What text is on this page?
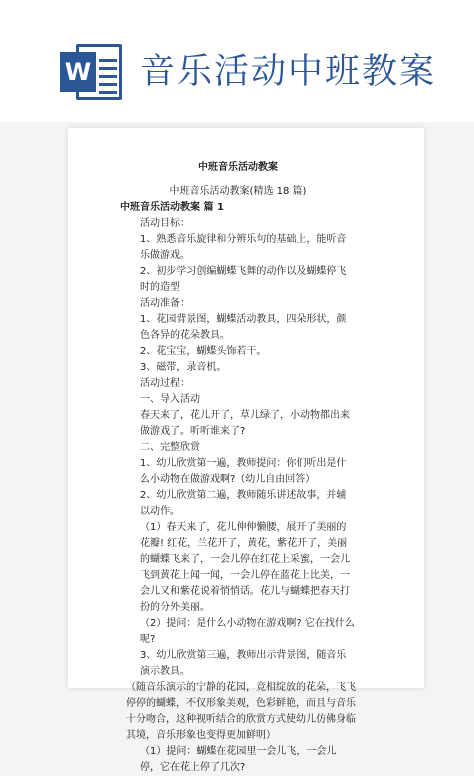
W 音乐活动中班教案

中班音乐活动教案

中班音乐活动教案(精选 18 篇)

中班音乐活动教案 篇 1

活动目标：

1、熟悉音乐旋律和分辨乐句的基础上，能听音乐做游戏。

2、初步学习创编蝴蝶飞舞的动作以及蝴蝶停飞时的造型

活动准备：

1、花园背景图，蝴蝶活动教具，四朵形状，颜色各异的花朵教具。

2、花宝宝，蝴蝶头饰若干。

3、磁带，录音机。

活动过程：

一、导入活动

春天来了，花儿开了，草儿绿了，小动物都出来做游戏了。听听谁来了?

二、完整欣赏

1、幼儿欣赏第一遍，教师提问：你们听出是什么小动物在做游戏啊?（幼儿自由回答）

2、幼儿欣赏第二遍，教师随乐讲述故事，并辅以动作。

（1）春天来了，花儿伸伸懒腰，展开了美丽的花瓣! 红花，兰花开了，黄花，紫花开了，美丽的蝴蝶飞来了，一会儿停在红花上采蜜，一会儿飞到黄花上闻一闻，一会儿停在蓝花上比美，一会儿又和紫花说着悄悄话。花儿与蝴蝶把春天打扮的分外美丽。

（2）提问：是什么小动物在游戏啊? 它在找什么呢?

3、幼儿欣赏第三遍，教师出示背景图，随音乐演示教具。

（随音乐演示的宁静的花园，竞相绽放的花朵，飞飞停停的蝴蝶，不仅形象美观，色彩鲜艳，而且与音乐十分吻合，这种视听结合的欣赏方式使幼儿仿佛身临其境，音乐形象也变得更加鲜明）

（1）提问：蝴蝶在花园里一会儿飞，一会儿停，它在花上停了几次?
